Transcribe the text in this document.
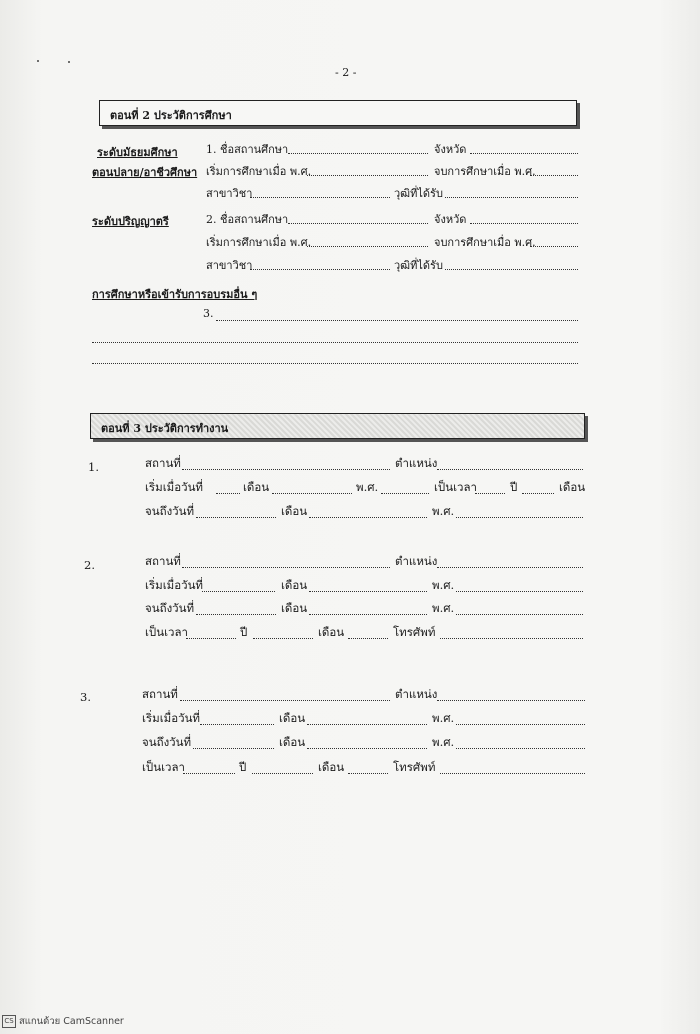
- 2 -
ตอนที่ 2 ประวัติการศึกษา
ระดับมัธยมศึกษา
ตอนปลาย/อาชีวศึกษา
1. ชื่อสถานศึกษา	จังหวัด
เริ่มการศึกษาเมื่อ พ.ศ.	จบการศึกษาเมื่อ พ.ศ.
สาขาวิชา	วุฒิที่ได้รับ
ระดับปริญญาตรี	2. ชื่อสถานศึกษา	จังหวัด
เริ่มการศึกษาเมื่อ พ.ศ.	จบการศึกษาเมื่อ พ.ศ.
สาขาวิชา	วุฒิที่ได้รับ
การศึกษาหรือเข้ารับการอบรมอื่น ๆ
3.
ตอนที่ 3 ประวัติการทำงาน
1.	สถานที่	ตำแหน่ง
เริ่มเมื่อวันที่	เดือน	พ.ศ.	เป็นเวลา	ปี	เดือน
จนถึงวันที่	เดือน	พ.ศ.
2.	สถานที่	ตำแหน่ง
เริ่มเมื่อวันที่	เดือน	พ.ศ.
จนถึงวันที่	เดือน	พ.ศ.
เป็นเวลา	ปี	เดือน	โทรศัพท์
3.	สถานที่	ตำแหน่ง
เริ่มเมื่อวันที่	เดือน	พ.ศ.
จนถึงวันที่	เดือน	พ.ศ.
เป็นเวลา	ปี	เดือน	โทรศัพท์
CS สแกนด้วย CamScanner
